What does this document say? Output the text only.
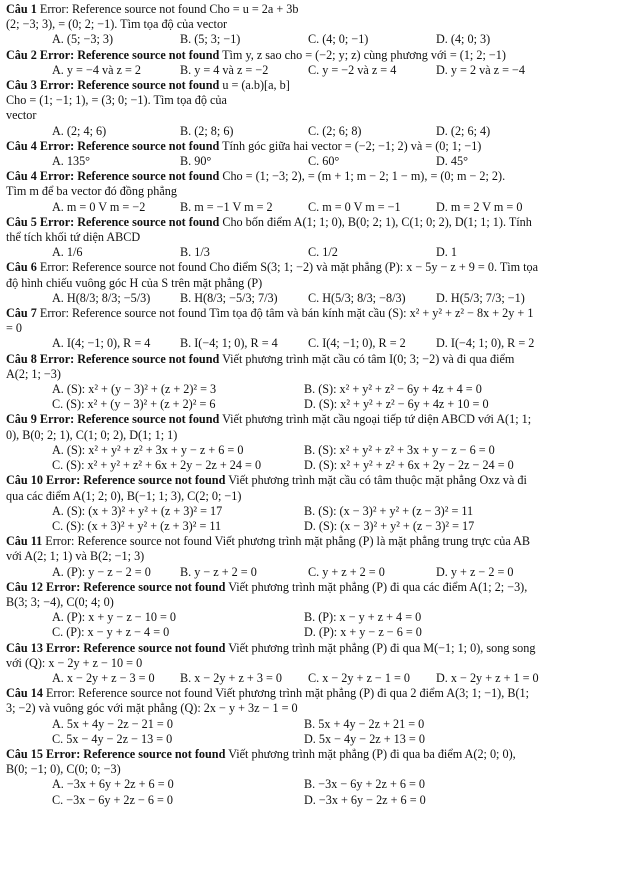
Câu 1 Error: Reference source not found Cho = u = 2a + 3b

(2; −3; 3), = (0; 2; −1). Tìm tọa độ của vector

A. (5; −3; 3)	B. (5; 3; −1)	C. (4; 0; −1)	D. (4; 0; 3)

Câu 2 Error: Reference source not found Tìm y, z sao cho = (−2; y; z) cùng phương với = (1; 2; −1)

A. y = −4 và z = 2	B. y = 4 và z = −2	C. y = −2 và z = 4	D. y = 2 và z = −4

Câu 3 Error: Reference source not found u = (a.b)[a, b]

Cho = (1; −1; 1), = (3; 0; −1). Tìm tọa độ của

vector

A. (2; 4; 6)	B. (2; 8; 6)	C. (2; 6; 8)	D. (2; 6; 4)

Câu 4 Error: Reference source not found Tính góc giữa hai vector = (−2; −1; 2) và = (0; 1; −1)

A. 135°	B. 90°	C. 60°	D. 45°

Câu 4 Error: Reference source not found Cho = (1; −3; 2), = (m + 1; m − 2; 1 − m), = (0; m − 2; 2).

Tìm m để ba vector đó đồng phẳng

A. m = 0 V m = −2	B. m = −1 V m = 2	C. m = 0 V m = −1	D. m = 2 V m = 0

Câu 5 Error: Reference source not found Cho bốn điểm A(1; 1; 0), B(0; 2; 1), C(1; 0; 2), D(1; 1; 1). Tính

thể tích khối tứ diện ABCD

A. 1/6	B. 1/3	C. 1/2	D. 1

Câu 6 Error: Reference source not found Cho điểm S(3; 1; −2) và mặt phẳng (P): x − 5y − z + 9 = 0. Tìm tọa

độ hình chiếu vuông góc H của S trên mặt phẳng (P)

A. H(8/3; 8/3; −5/3)	B. H(8/3; −5/3; 7/3)	C. H(5/3; 8/3; −8/3)	D. H(5/3; 7/3; −1)

Câu 7 Error: Reference source not found Tìm tọa độ tâm và bán kính mặt cầu (S): x² + y² + z² − 8x + 2y + 1

= 0

A. I(4; −1; 0), R = 4	B. I(−4; 1; 0), R = 4	C. I(4; −1; 0), R = 2	D. I(−4; 1; 0), R = 2

Câu 8 Error: Reference source not found Viết phương trình mặt cầu có tâm I(0; 3; −2) và đi qua điểm

A(2; 1; −3)

A. (S): x² + (y − 3)² + (z + 2)² = 3	B. (S): x² + y² + z² − 6y + 4z + 4 = 0
C. (S): x² + (y − 3)² + (z + 2)² = 6	D. (S): x² + y² + z² − 6y + 4z + 10 = 0

Câu 9 Error: Reference source not found Viết phương trình mặt cầu ngoại tiếp tứ diện ABCD với A(1; 1;

0), B(0; 2; 1), C(1; 0; 2), D(1; 1; 1)

A. (S): x² + y² + z² + 3x + y − z + 6 = 0	B. (S): x² + y² + z² + 3x + y − z − 6 = 0
C. (S): x² + y² + z² + 6x + 2y − 2z + 24 = 0	D. (S): x² + y² + z² + 6x + 2y − 2z − 24 = 0

Câu 10 Error: Reference source not found Viết phương trình mặt cầu có tâm thuộc mặt phẳng Oxz và đi

qua các điểm A(1; 2; 0), B(−1; 1; 3), C(2; 0; −1)

A. (S): (x + 3)² + y² + (z + 3)² = 17	B. (S): (x − 3)² + y² + (z − 3)² = 11
C. (S): (x + 3)² + y² + (z + 3)² = 11	D. (S): (x − 3)² + y² + (z − 3)² = 17

Câu 11 Error: Reference source not found Viết phương trình mặt phẳng (P) là mặt phẳng trung trực của AB

với A(2; 1; 1) và B(2; −1; 3)

A. (P): y − z − 2 = 0	B. y − z + 2 = 0	C. y + z + 2 = 0	D. y + z − 2 = 0

Câu 12 Error: Reference source not found Viết phương trình mặt phẳng (P) đi qua các điểm A(1; 2; −3),

B(3; 3; −4), C(0; 4; 0)

A. (P): x + y − z − 10 = 0	B. (P): x − y + z + 4 = 0
C. (P): x − y + z − 4 = 0	D. (P): x + y − z − 6 = 0

Câu 13 Error: Reference source not found Viết phương trình mặt phẳng (P) đi qua M(−1; 1; 0), song song

với (Q): x − 2y + z − 10 = 0

A. x − 2y + z − 3 = 0	B. x − 2y + z + 3 = 0	C. x − 2y + z − 1 = 0	D. x − 2y + z + 1 = 0

Câu 14 Error: Reference source not found Viết phương trình mặt phẳng (P) đi qua 2 điểm A(3; 1; −1), B(1;

3; −2) và vuông góc với mặt phẳng (Q): 2x − y + 3z − 1 = 0

A. 5x + 4y − 2z − 21 = 0	B. 5x + 4y − 2z + 21 = 0
C. 5x − 4y − 2z − 13 = 0	D. 5x − 4y − 2z + 13 = 0

Câu 15 Error: Reference source not found Viết phương trình mặt phẳng (P) đi qua ba điểm A(2; 0; 0),

B(0; −1; 0), C(0; 0; −3)

A. −3x + 6y + 2z + 6 = 0	B. −3x − 6y + 2z + 6 = 0
C. −3x − 6y + 2z − 6 = 0	D. −3x + 6y − 2z + 6 = 0
